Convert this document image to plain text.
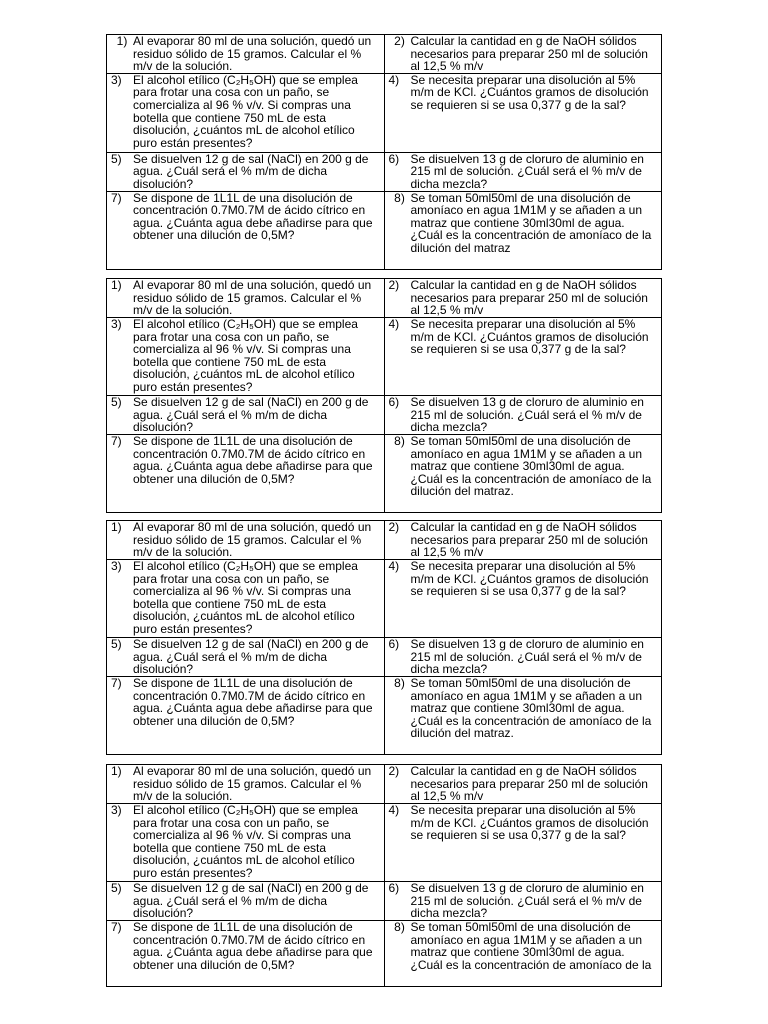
1) Al evaporar 80 ml de una solución, quedó un residuo sólido de 15 gramos. Calcular el % m/v de la solución.	2) Calcular la cantidad en g de NaOH sólidos necesarios para preparar 250 ml de solución al 12,5 % m/v

3) El alcohol etílico (C₂H₅OH) que se emplea para frotar una cosa con un paño, se comercializa al 96 % v/v. Si compras una botella que contiene 750 mL de esta disolución, ¿cuántos mL de alcohol etílico puro están presentes?	4) Se necesita preparar una disolución al 5% m/m de KCl. ¿Cuántos gramos de disolución se requieren si se usa 0,377 g de la sal?

5) Se disuelven 12 g de sal (NaCl) en 200 g de agua. ¿Cuál será el % m/m de dicha disolución?	6) Se disuelven 13 g de cloruro de aluminio en 215 ml de solución. ¿Cuál será el % m/v de dicha mezcla?

7) Se dispone de 1L1L de una disolución de concentración 0.7M0.7M de ácido cítrico en agua. ¿Cuánta agua debe añadirse para que obtener una dilución de 0,5M?	8) Se toman 50ml50ml de una disolución de amoníaco en agua 1M1M y se añaden a un matraz que contiene 30ml30ml de agua. ¿Cuál es la concentración de amoníaco de la dilución del matraz
1) Al evaporar 80 ml de una solución, quedó un residuo sólido de 15 gramos. Calcular el % m/v de la solución.	2) Calcular la cantidad en g de NaOH sólidos necesarios para preparar 250 ml de solución al 12,5 % m/v

3) El alcohol etílico (C₂H₅OH) que se emplea para frotar una cosa con un paño, se comercializa al 96 % v/v. Si compras una botella que contiene 750 mL de esta disolución, ¿cuántos mL de alcohol etílico puro están presentes?	4) Se necesita preparar una disolución al 5% m/m de KCl. ¿Cuántos gramos de disolución se requieren si se usa 0,377 g de la sal?

5) Se disuelven 12 g de sal (NaCl) en 200 g de agua. ¿Cuál será el % m/m de dicha disolución?	6) Se disuelven 13 g de cloruro de aluminio en 215 ml de solución. ¿Cuál será el % m/v de dicha mezcla?

7) Se dispone de 1L1L de una disolución de concentración 0.7M0.7M de ácido cítrico en agua. ¿Cuánta agua debe añadirse para que obtener una dilución de 0,5M?	8) Se toman 50ml50ml de una disolución de amoníaco en agua 1M1M y se añaden a un matraz que contiene 30ml30ml de agua. ¿Cuál es la concentración de amoníaco de la dilución del matraz.
1) Al evaporar 80 ml de una solución, quedó un residuo sólido de 15 gramos. Calcular el % m/v de la solución.	2) Calcular la cantidad en g de NaOH sólidos necesarios para preparar 250 ml de solución al 12,5 % m/v

3) El alcohol etílico (C₂H₅OH) que se emplea para frotar una cosa con un paño, se comercializa al 96 % v/v. Si compras una botella que contiene 750 mL de esta disolución, ¿cuántos mL de alcohol etílico puro están presentes?	4) Se necesita preparar una disolución al 5% m/m de KCl. ¿Cuántos gramos de disolución se requieren si se usa 0,377 g de la sal?

5) Se disuelven 12 g de sal (NaCl) en 200 g de agua. ¿Cuál será el % m/m de dicha disolución?	6) Se disuelven 13 g de cloruro de aluminio en 215 ml de solución. ¿Cuál será el % m/v de dicha mezcla?

7) Se dispone de 1L1L de una disolución de concentración 0.7M0.7M de ácido cítrico en agua. ¿Cuánta agua debe añadirse para que obtener una dilución de 0,5M?	8) Se toman 50ml50ml de una disolución de amoníaco en agua 1M1M y se añaden a un matraz que contiene 30ml30ml de agua. ¿Cuál es la concentración de amoníaco de la dilución del matraz.
1) Al evaporar 80 ml de una solución, quedó un residuo sólido de 15 gramos. Calcular el % m/v de la solución.	2) Calcular la cantidad en g de NaOH sólidos necesarios para preparar 250 ml de solución al 12,5 % m/v

3) El alcohol etílico (C₂H₅OH) que se emplea para frotar una cosa con un paño, se comercializa al 96 % v/v. Si compras una botella que contiene 750 mL de esta disolución, ¿cuántos mL de alcohol etílico puro están presentes?	4) Se necesita preparar una disolución al 5% m/m de KCl. ¿Cuántos gramos de disolución se requieren si se usa 0,377 g de la sal?

5) Se disuelven 12 g de sal (NaCl) en 200 g de agua. ¿Cuál será el % m/m de dicha disolución?	6) Se disuelven 13 g de cloruro de aluminio en 215 ml de solución. ¿Cuál será el % m/v de dicha mezcla?

7) Se dispone de 1L1L de una disolución de concentración 0.7M0.7M de ácido cítrico en agua. ¿Cuánta agua debe añadirse para que obtener una dilución de 0,5M?	8) Se toman 50ml50ml de una disolución de amoníaco en agua 1M1M y se añaden a un matraz que contiene 30ml30ml de agua. ¿Cuál es la concentración de amoníaco de la
